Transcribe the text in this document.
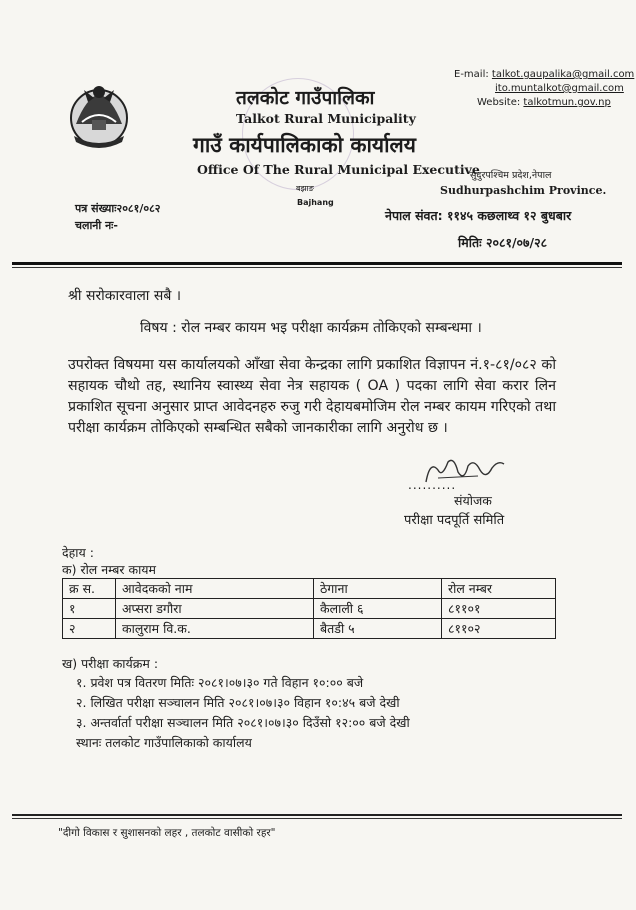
तलकोट गाउँपालिका
Talkot Rural Municipality
गाउँ कार्यपालिकाको कार्यालय
Office Of The Rural Municipal Executive
बझाङ
Bajhang
E-mail: talkot.gaupalika@gmail.com
ito.muntalkot@gmail.com
Website: talkotmun.gov.np
सुदुरपश्चिम प्रदेश,नेपाल
Sudhurpashchim Province.
पत्र संख्याः२०८१/०८२
चलानी नः-
नेपाल संवत: ११४५ कछलाथ्व १२ बुधबार
मितिः २०८१/०७/२८
श्री सरोकारवाला सबै ।
विषय : रोल नम्बर कायम भइ परीक्षा कार्यक्रम तोकिएको सम्बन्धमा ।
उपरोक्त विषयमा यस कार्यालयको आँखा सेवा केन्द्रका लागि प्रकाशित विज्ञापन नं.१-८१/०८२ को सहायक चौथो तह, स्थानिय स्वास्थ्य सेवा नेत्र सहायक ( OA ) पदका लागि सेवा करार लिन प्रकाशित सूचना अनुसार प्राप्त आवेदनहरु रुजु गरी देहायबमोजिम रोल नम्बर कायम गरिएको तथा परीक्षा कार्यक्रम तोकिएको सम्बन्धित सबैको जानकारीका लागि अनुरोध छ ।
..........
संयोजक
परीक्षा पदपूर्ति समिति
देहाय :
क) रोल नम्बर कायम
क्र स.	आवेदकको नाम	ठेगाना	रोल नम्बर
१	अप्सरा डगौरा	कैलाली ६	८११०१
२	कालुराम वि.क.	बैतडी ५	८११०२
ख) परीक्षा कार्यक्रम :
१. प्रवेश पत्र वितरण मितिः २०८१।०७।३० गते विहान १०:०० बजे
२. लिखित परीक्षा सञ्चालन मिति २०८१।०७।३० विहान १०:४५ बजे देखी
३. अन्तर्वार्ता परीक्षा सञ्चालन मिति २०८१।०७।३० दिउँसो १२:०० बजे देखी
स्थानः तलकोट गाउँपालिकाको कार्यालय
"दीगो विकास र सुशासनको लहर , तलकोट वासीको रहर"
